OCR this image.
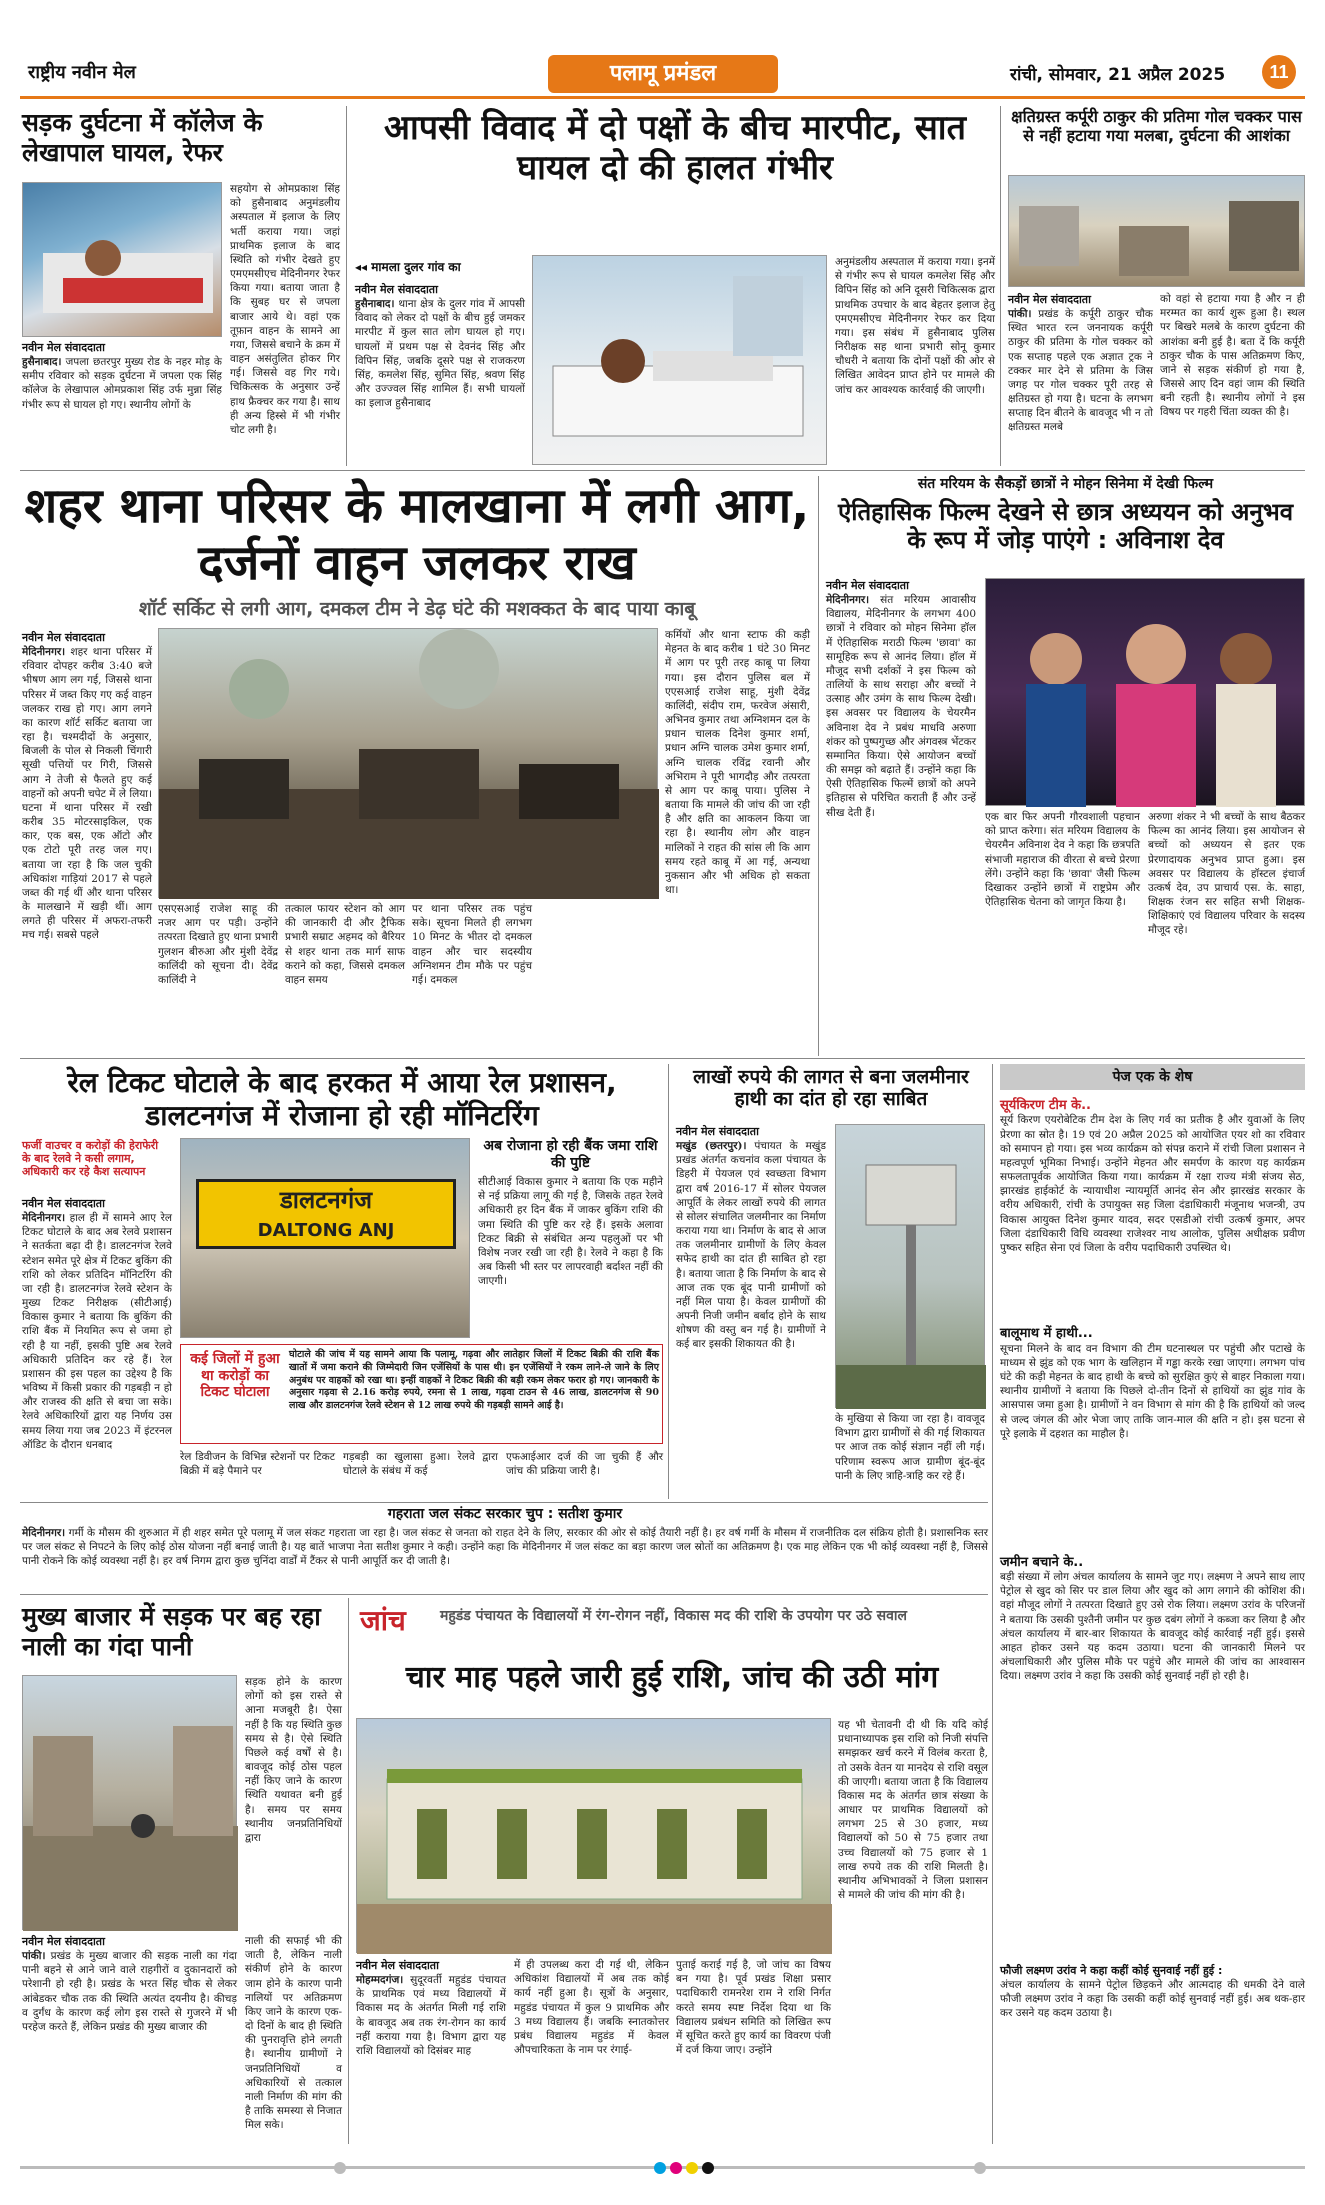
राष्ट्रीय नवीन मेल	पलामू प्रमंडल	रांची, सोमवार, 21 अप्रैल 2025	11
सड़क दुर्घटना में कॉलेज के लेखापाल घायल, रेफर
सहयोग से ओमप्रकाश सिंह को हुसैनाबाद अनुमंडलीय अस्पताल में इलाज के लिए भर्ती कराया गया। जहां प्राथमिक इलाज के बाद स्थिति को गंभीर देखते हुए एमएमसीएच मेदिनीनगर रेफर किया गया। बताया जाता है कि सुबह घर से जपला बाजार आये थे। वहां एक तूफ़ान वाहन के सामने आ गया, जिससे बचाने के क्रम में वाहन असंतुलित होकर गिर गई। जिससे वह गिर गये। चिकित्सक के अनुसार उन्हें हाथ फ्रैक्चर कर गया है। साथ ही अन्य हिस्से में भी गंभीर चोट लगी है।
नवीन मेल संवाददाता
हुसैनाबाद। जपला छतरपुर मुख्य रोड के नहर मोड़ के समीप रविवार को सड़क दुर्घटना में जपला एक सिंह कॉलेज के लेखापाल ओमप्रकाश सिंह उर्फ मुन्ना सिंह गंभीर रूप से घायल हो गए। स्थानीय लोगों के
आपसी विवाद में दो पक्षों के बीच मारपीट, सात घायल दो की हालत गंभीर
◂◂ मामला दुलर गांव का
नवीन मेल संवाददाता
हुसैनाबाद। थाना क्षेत्र के दुलर गांव में आपसी विवाद को लेकर दो पक्षों के बीच हुई जमकर मारपीट में कुल सात लोग घायल हो गए। घायलों में प्रथम पक्ष से देवनंद सिंह और विपिन सिंह, जबकि दूसरे पक्ष से राजकरण सिंह, कमलेश सिंह, सुमित सिंह, श्रवण सिंह और उज्ज्वल सिंह शामिल हैं। सभी घायलों का इलाज हुसैनाबाद
अनुमंडलीय अस्पताल में कराया गया। इनमें से गंभीर रूप से घायल कमलेश सिंह और विपिन सिंह को अनि दूसरी चिकित्सक द्वारा प्राथमिक उपचार के बाद बेहतर इलाज हेतु एमएमसीएच मेदिनीनगर रेफर कर दिया गया। इस संबंध में हुसैनाबाद पुलिस निरीक्षक सह थाना प्रभारी सोनू कुमार चौधरी ने बताया कि दोनों पक्षों की ओर से लिखित आवेदन प्राप्त होने पर मामले की जांच कर आवश्यक कार्रवाई की जाएगी।
क्षतिग्रस्त कर्पूरी ठाकुर की प्रतिमा गोल चक्कर पास से नहीं हटाया गया मलबा, दुर्घटना की आशंका
नवीन मेल संवाददाता
पांकी। प्रखंड के कर्पूरी ठाकुर चौक स्थित भारत रत्न जननायक कर्पूरी ठाकुर की प्रतिमा के गोल चक्कर को एक सप्ताह पहले एक अज्ञात ट्रक ने टक्कर मार देने से प्रतिमा के जिस जगह पर गोल चक्कर पूरी तरह से क्षतिग्रस्त हो गया है। घटना के लगभग सप्ताह दिन बीतने के बावजूद भी न तो क्षतिग्रस्त मलबे
को वहां से हटाया गया है और न ही मरम्मत का कार्य शुरू हुआ है। स्थल पर बिखरे मलबे के कारण दुर्घटना की आशंका बनी हुई है। बता दें कि कर्पूरी ठाकुर चौक के पास अतिक्रमण किए, जाने से सड़क संकीर्ण हो गया है, जिससे आए दिन वहां जाम की स्थिति बनी रहती है। स्थानीय लोगों ने इस विषय पर गहरी चिंता व्यक्त की है।
शहर थाना परिसर के मालखाना में लगी आग, दर्जनों वाहन जलकर राख
शॉर्ट सर्किट से लगी आग, दमकल टीम ने डेढ़ घंटे की मशक्कत के बाद पाया काबू
नवीन मेल संवाददाता
मेदिनीनगर। शहर थाना परिसर में रविवार दोपहर करीब 3:40 बजे भीषण आग लग गई, जिससे थाना परिसर में जब्त किए गए कई वाहन जलकर राख हो गए। आग लगने का कारण शॉर्ट सर्किट बताया जा रहा है। चश्मदीदों के अनुसार, बिजली के पोल से निकली चिंगारी सूखी पत्तियों पर गिरी, जिससे आग ने तेजी से फैलते हुए कई वाहनों को अपनी चपेट में ले लिया। घटना में थाना परिसर में रखी करीब 35 मोटरसाइकिल, एक कार, एक बस, एक ऑटो और एक टोटो पूरी तरह जल गए। बताया जा रहा है कि जल चुकी अधिकांश गाड़ियां 2017 से पहले जब्त की गई थीं और थाना परिसर के मालखाने में खड़ी थीं। आग लगते ही परिसर में अफरा-तफरी मच गई। सबसे पहले
एसएसआई राजेश साहू की नजर आग पर पड़ी। उन्होंने तत्परता दिखाते हुए थाना प्रभारी गुलशन बीरुआ और मुंशी देवेंद्र कालिंदी को सूचना दी। देवेंद्र कालिंदी ने
तत्काल फायर स्टेशन को आग की जानकारी दी और ट्रैफिक प्रभारी सम्राट अहमद को बैरियर से शहर थाना तक मार्ग साफ कराने को कहा, जिससे दमकल वाहन समय
पर थाना परिसर तक पहुंच सके। सूचना मिलते ही लगभग 10 मिनट के भीतर दो दमकल वाहन और चार सदस्यीय अग्निशमन टीम मौके पर पहुंच गई। दमकल
कर्मियों और थाना स्टाफ की कड़ी मेहनत के बाद करीब 1 घंटे 30 मिनट में आग पर पूरी तरह काबू पा लिया गया। इस दौरान पुलिस बल में एएसआई राजेश साहू, मुंशी देवेंद्र कालिंदी, संदीप राम, फरवेज अंसारी, अभिनव कुमार तथा अग्निशमन दल के प्रधान चालक दिनेश कुमार शर्मा, प्रधान अग्नि चालक उमेश कुमार शर्मा, अग्नि चालक रविंद्र रवानी और अभिराम ने पूरी भागदौड़ और तत्परता से आग पर काबू पाया। पुलिस ने बताया कि मामले की जांच की जा रही है और क्षति का आकलन किया जा रहा है। स्थानीय लोग और वाहन मालिकों ने राहत की सांस ली कि आग समय रहते काबू में आ गई, अन्यथा नुकसान और भी अधिक हो सकता था।
संत मरियम के सैकड़ों छात्रों ने मोहन सिनेमा में देखी फिल्म
ऐतिहासिक फिल्म देखने से छात्र अध्ययन को अनुभव के रूप में जोड़ पाएंगे : अविनाश देव
नवीन मेल संवाददाता
मेदिनीनगर। संत मरियम आवासीय विद्यालय, मेदिनीनगर के लगभग 400 छात्रों ने रविवार को मोहन सिनेमा हॉल में ऐतिहासिक मराठी फिल्म 'छावा' का सामूहिक रूप से आनंद लिया। हॉल में मौजूद सभी दर्शकों ने इस फिल्म को तालियों के साथ सराहा और बच्चों ने उत्साह और उमंग के साथ फिल्म देखी। इस अवसर पर विद्यालय के चेयरमैन अविनाश देव ने प्रबंध माधवि अरुणा शंकर को पुष्पगुच्छ और अंगवस्त्र भेंटकर सम्मानित किया। ऐसे आयोजन बच्चों की समझ को बढ़ाते हैं। उन्होंने कहा कि ऐसी ऐतिहासिक फिल्में छात्रों को अपने इतिहास से परिचित कराती हैं और उन्हें सीख देती हैं।	एक बार फिर अपनी गौरवशाली पहचान को प्राप्त करेगा। संत मरियम विद्यालय के चेयरमैन अविनाश देव ने कहा कि छत्रपति संभाजी महाराज की वीरता से बच्चे प्रेरणा लेंगे। उन्होंने कहा कि 'छावा' जैसी फिल्म दिखाकर उन्होंने छात्रों में राष्ट्रप्रेम और ऐतिहासिक चेतना को जागृत किया है।
अरुणा शंकर ने भी बच्चों के साथ बैठकर फिल्म का आनंद लिया। इस आयोजन से बच्चों को अध्ययन से इतर एक प्रेरणादायक अनुभव प्राप्त हुआ। इस अवसर पर विद्यालय के हॉस्टल इंचार्ज उत्कर्ष देव, उप प्राचार्य एस. के. साहा, शिक्षक रंजन सर सहित सभी शिक्षक-शिक्षिकाएं एवं विद्यालय परिवार के सदस्य मौजूद रहे।
रेल टिकट घोटाले के बाद हरकत में आया रेल प्रशासन, डालटनगंज में रोजाना हो रही मॉनिटरिंग
फर्जी वाउचर व करोड़ों की हेराफेरी के बाद रेलवे ने कसी लगाम, अधिकारी कर रहे कैश सत्यापन
नवीन मेल संवाददाता
मेदिनीनगर। हाल ही में सामने आए रेल टिकट घोटाले के बाद अब रेलवे प्रशासन ने सतर्कता बढ़ा दी है। डालटनगंज रेलवे स्टेशन समेत पूरे क्षेत्र में टिकट बुकिंग की राशि को लेकर प्रतिदिन मॉनिटरिंग की जा रही है। डालटनगंज रेलवे स्टेशन के मुख्य टिकट निरीक्षक (सीटीआई) विकास कुमार ने बताया कि बुकिंग की राशि बैंक में नियमित रूप से जमा हो रही है या नहीं, इसकी पुष्टि अब रेलवे अधिकारी प्रतिदिन कर रहे हैं। रेल प्रशासन की इस पहल का उद्देश्य है कि भविष्य में किसी प्रकार की गड़बड़ी न हो और राजस्व की क्षति से बचा जा सके। रेलवे अधिकारियों द्वारा यह निर्णय उस समय लिया गया जब 2023 में इंटरनल ऑडिट के दौरान धनबाद
डालटनगंज
DALTONG ANJ
अब रोजाना हो रही बैंक जमा राशि की पुष्टि
सीटीआई विकास कुमार ने बताया कि एक महीने से नई प्रक्रिया लागू की गई है, जिसके तहत रेलवे अधिकारी हर दिन बैंक में जाकर बुकिंग राशि की जमा स्थिति की पुष्टि कर रहे हैं। इसके अलावा टिकट बिक्री से संबंधित अन्य पहलुओं पर भी विशेष नजर रखी जा रही है। रेलवे ने कहा है कि अब किसी भी स्तर पर लापरवाही बर्दाश्त नहीं की जाएगी।
कई जिलों में हुआ था करोड़ों का टिकट घोटाला
घोटाले की जांच में यह सामने आया कि पलामू, गढ़वा और लातेहार जिलों में टिकट बिक्री की राशि बैंक खातों में जमा कराने की जिम्मेदारी जिन एजेंसियों के पास थी। इन एजेंसियों ने रकम लाने-ले जाने के लिए अनुबंध पर वाहकों को रखा था। इन्हीं वाहकों ने टिकट बिक्री की बड़ी रकम लेकर फरार हो गए। जानकारी के अनुसार गढ़वा से 2.16 करोड़ रुपये, रमना से 1 लाख, गढ़वा टाउन से 46 लाख, डालटनगंज से 90 लाख और डालटनगंज रेलवे स्टेशन से 12 लाख रुपये की गड़बड़ी सामने आई है।
रेल डिवीजन के विभिन्न स्टेशनों पर टिकट बिक्री में बड़े पैमाने पर
गड़बड़ी का खुलासा हुआ। रेलवे द्वारा घोटाले के संबंध में कई
एफआईआर दर्ज की जा चुकी हैं और जांच की प्रक्रिया जारी है।
लाखों रुपये की लागत से बना जलमीनार हाथी का दांत हो रहा साबित
नवीन मेल संवाददाता
मखुंड (छतरपुर)। पंचायत के मखुंड प्रखंड अंतर्गत कचनांव कला पंचायत के डिहरी में पेयजल एवं स्वच्छता विभाग द्वारा वर्ष 2016-17 में सोलर पेयजल आपूर्ति के लेकर लाखों रुपये की लागत से सोलर संचालित जलमीनार का निर्माण कराया गया था। निर्माण के बाद से आज तक जलमीनार ग्रामीणों के लिए केवल सफेद हाथी का दांत ही साबित हो रहा है। बताया जाता है कि निर्माण के बाद से आज तक एक बूंद पानी ग्रामीणों को नहीं मिल पाया है। केवल ग्रामीणों की अपनी निजी जमीन बर्बाद होने के साथ शोषण की वस्तु बन गई है। ग्रामीणों ने कई बार इसकी शिकायत की है।
के मुखिया से किया जा रहा है। वावजूद विभाग द्वारा ग्रामीणों से की गई शिकायत पर आज तक कोई संज्ञान नहीं ली गई। परिणाम स्वरूप आज ग्रामीण बूंद-बूंद पानी के लिए त्राहि-त्राहि कर रहे हैं।
पेज एक के शेष
सूर्यकिरण टीम के..
सूर्य किरण एयरोबेटिक टीम देश के लिए गर्व का प्रतीक है और युवाओं के लिए प्रेरणा का स्रोत है। 19 एवं 20 अप्रैल 2025 को आयोजित एयर शो का रविवार को समापन हो गया। इस भव्य कार्यक्रम को संपन्न कराने में रांची जिला प्रशासन ने महत्वपूर्ण भूमिका निभाई। उन्होंने मेहनत और समर्पण के कारण यह कार्यक्रम सफलतापूर्वक आयोजित किया गया। कार्यक्रम में रक्षा राज्य मंत्री संजय सेठ, झारखंड हाईकोर्ट के न्यायाधीश न्यायमूर्ति आनंद सेन और झारखंड सरकार के वरीय अधिकारी, रांची के उपायुक्त सह जिला दंडाधिकारी मंजूनाथ भजन्त्री, उप विकास आयुक्त दिनेश कुमार यादव, सदर एसडीओ रांची उत्कर्ष कुमार, अपर जिला दंडाधिकारी विधि व्यवस्था राजेश्वर नाथ आलोक, पुलिस अधीक्षक प्रवीण पुष्कर सहित सेना एवं जिला के वरीय पदाधिकारी उपस्थित थे।
बालूमाथ में हाथी...
सूचना मिलने के बाद वन विभाग की टीम घटनास्थल पर पहुंची और पटाखे के माध्यम से झुंड को एक भाग के खलिहान में गड्ढा करके रखा जाएगा। लगभग पांच घंटे की कड़ी मेहनत के बाद हाथी के बच्चे को सुरक्षित कुएं से बाहर निकाला गया। स्थानीय ग्रामीणों ने बताया कि पिछले दो-तीन दिनों से हाथियों का झुंड गांव के आसपास जमा हुआ है। ग्रामीणों ने वन विभाग से मांग की है कि हाथियों को जल्द से जल्द जंगल की ओर भेजा जाए ताकि जान-माल की क्षति न हो। इस घटना से पूरे इलाके में दहशत का माहौल है।
जमीन बचाने के..
बड़ी संख्या में लोग अंचल कार्यालय के सामने जुट गए। लक्ष्मण ने अपने साथ लाए पेट्रोल से खुद को सिर पर डाल लिया और खुद को आग लगाने की कोशिश की। वहां मौजूद लोगों ने तत्परता दिखाते हुए उसे रोक लिया। लक्ष्मण उरांव के परिजनों ने बताया कि उसकी पुश्तैनी जमीन पर कुछ दबंग लोगों ने कब्जा कर लिया है और अंचल कार्यालय में बार-बार शिकायत के बावजूद कोई कार्रवाई नहीं हुई। इससे आहत होकर उसने यह कदम उठाया। घटना की जानकारी मिलने पर अंचलाधिकारी और पुलिस मौके पर पहुंचे और मामले की जांच का आश्वासन दिया। लक्ष्मण उरांव ने कहा कि उसकी कोई सुनवाई नहीं हो रही है।
फौजी लक्ष्मण उरांव ने कहा कहीं कोई सुनवाई नहीं हुई :
अंचल कार्यालय के सामने पेट्रोल छिड़कने और आत्मदाह की धमकी देने वाले फौजी लक्ष्मण उरांव ने कहा कि उसकी कहीं कोई सुनवाई नहीं हुई। अब थक-हार कर उसने यह कदम उठाया है।
गहराता जल संकट सरकार चुप : सतीश कुमार
मेदिनीनगर। गर्मी के मौसम की शुरुआत में ही शहर समेत पूरे पलामू में जल संकट गहराता जा रहा है। जल संकट से जनता को राहत देने के लिए, सरकार की ओर से कोई तैयारी नहीं है। हर वर्ष गर्मी के मौसम में राजनीतिक दल संक्रिय होती है। प्रशासनिक स्तर पर जल संकट से निपटने के लिए कोई ठोस योजना नहीं बनाई जाती है। यह बातें भाजपा नेता सतीश कुमार ने कही। उन्होंने कहा कि मेदिनीनगर में जल संकट का बड़ा कारण जल स्रोतों का अतिक्रमण है। एक माह लेकिन एक भी कोई व्यवस्था नहीं है, जिससे पानी रोकने कि कोई व्यवस्था नहीं है। हर वर्ष निगम द्वारा कुछ चुनिंदा वार्डों में टैंकर से पानी आपूर्ति कर दी जाती है।
मुख्य बाजार में सड़क पर बह रहा नाली का गंदा पानी
सड़क होने के कारण लोगों को इस रास्ते से आना मजबूरी है। ऐसा नहीं है कि यह स्थिति कुछ समय से है। ऐसे स्थिति पिछले कई वर्षों से है। बावजूद कोई ठोस पहल नहीं किए जाने के कारण स्थिति यथावत बनी हुई है। समय पर समय स्थानीय जनप्रतिनिधियों द्वारा
नवीन मेल संवाददाता
पांकी। प्रखंड के मुख्य बाजार की सड़क नाली का गंदा पानी बहने से आने जाने वाले राहगीरों व दुकानदारों को परेशानी हो रही है। प्रखंड के भरत सिंह चौक से लेकर आंबेडकर चौक तक की स्थिति अत्यंत दयनीय है। कीचड़ व दुर्गंध के कारण कई लोग इस रास्ते से गुजरने में भी परहेज करते हैं, लेकिन प्रखंड की मुख्य बाजार की
नाली की सफाई भी की जाती है, लेकिन नाली संकीर्ण होने के कारण जाम होने के कारण पानी नालियों पर अतिक्रमण किए जाने के कारण एक-दो दिनों के बाद ही स्थिति की पुनरावृत्ति होने लगती है। स्थानीय ग्रामीणों ने जनप्रतिनिधियों व अधिकारियों से तत्काल नाली निर्माण की मांग की है ताकि समस्या से निजात मिल सके।
जांच	महुडंड पंचायत के विद्यालयों में रंग-रोगन नहीं, विकास मद की राशि के उपयोग पर उठे सवाल
चार माह पहले जारी हुई राशि, जांच की उठी मांग
यह भी चेतावनी दी थी कि यदि कोई प्रधानाध्यापक इस राशि को निजी संपत्ति समझकर खर्च करने में विलंब करता है, तो उसके वेतन या मानदेय से राशि वसूल की जाएगी। बताया जाता है कि विद्यालय विकास मद के अंतर्गत छात्र संख्या के आधार पर प्राथमिक विद्यालयों को लगभग 25 से 30 हजार, मध्य विद्यालयों को 50 से 75 हजार तथा उच्च विद्यालयों को 75 हजार से 1 लाख रुपये तक की राशि मिलती है। स्थानीय अभिभावकों ने जिला प्रशासन से मामले की जांच की मांग की है।
नवीन मेल संवाददाता
मोहम्मदगंज। सुदूरवर्ती महुडंड पंचायत के प्राथमिक एवं मध्य विद्यालयों में विकास मद के अंतर्गत मिली गई राशि के बावजूद अब तक रंग-रोगन का कार्य नहीं कराया गया है। विभाग द्वारा यह राशि विद्यालयों को दिसंबर माह
में ही उपलब्ध करा दी गई थी, लेकिन अधिकांश विद्यालयों में अब तक कोई कार्य नहीं हुआ है। सूत्रों के अनुसार, महुडंड पंचायत में कुल 9 प्राथमिक और 3 मध्य विद्यालय हैं। जबकि स्नातकोत्तर प्रबंध विद्यालय महुडंड में केवल औपचारिकता के नाम पर रंगाई-
पुताई कराई गई है, जो जांच का विषय बन गया है। पूर्व प्रखंड शिक्षा प्रसार पदाधिकारी रामनरेश राम ने राशि निर्गत करते समय स्पष्ट निर्देश दिया था कि विद्यालय प्रबंधन समिति को लिखित रूप में सूचित करते हुए कार्य का विवरण पंजी में दर्ज किया जाए। उन्होंने
